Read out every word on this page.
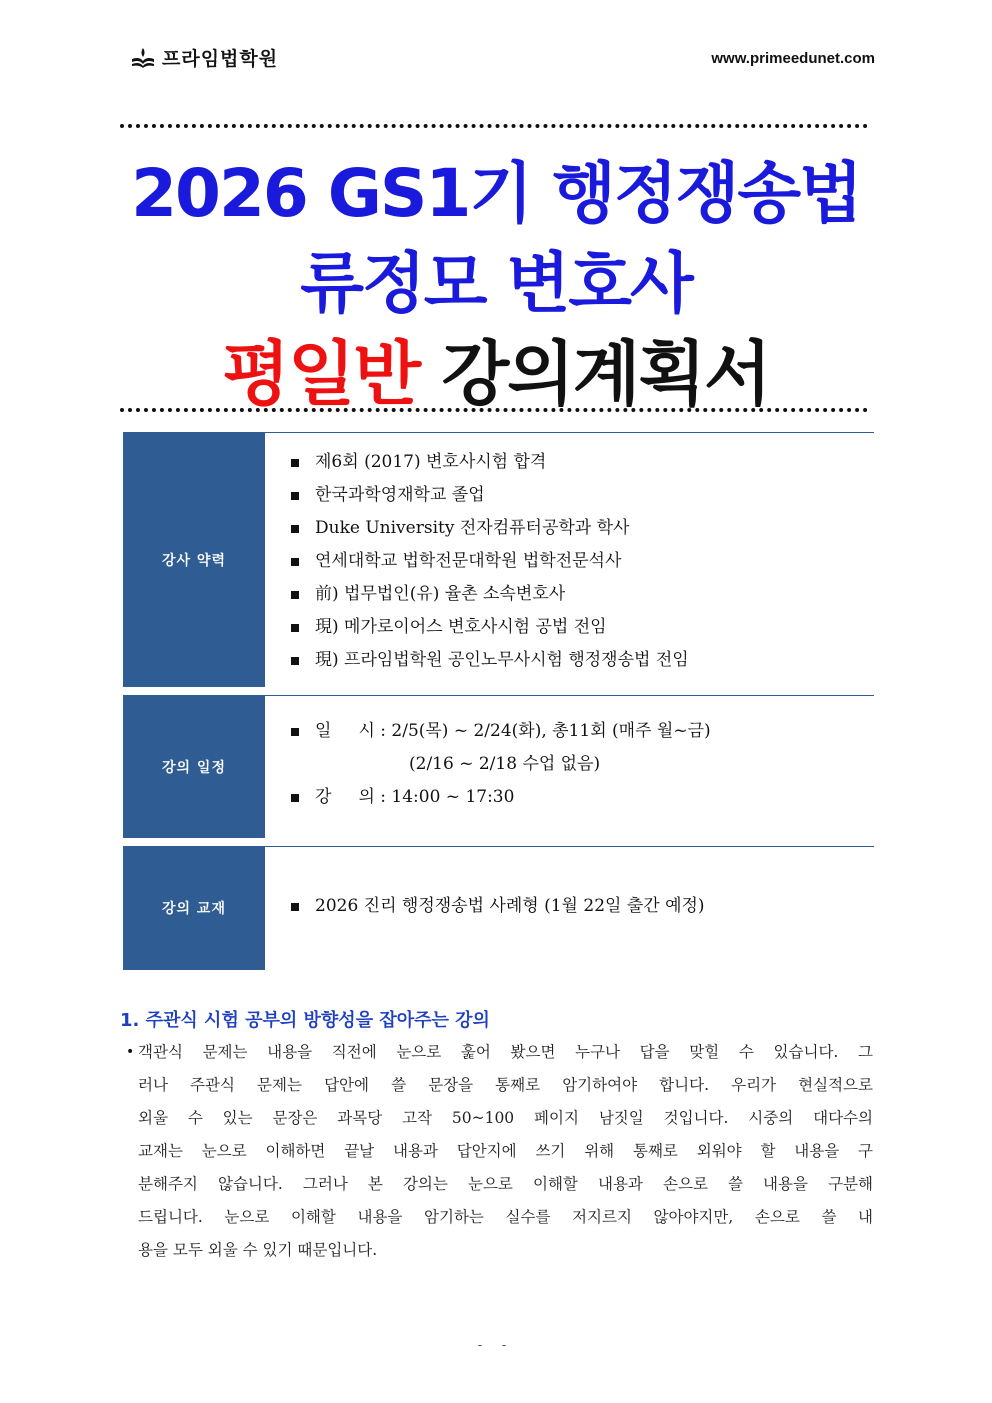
프라임법학원	www.primeedunet.com
2026 GS1기 행정쟁송법
류정모 변호사
평일반 강의계획서
강사 약력
제6회 (2017) 변호사시험 합격
한국과학영재학교 졸업
Duke University 전자컴퓨터공학과 학사
연세대학교 법학전문대학원 법학전문석사
前) 법무법인(유) 율촌 소속변호사
現) 메가로이어스 변호사시험 공법 전임
現) 프라임법학원 공인노무사시험 행정쟁송법 전임
강의 일정
일     시 : 2/5(목) ~ 2/24(화), 총11회 (매주 월~금)
(2/16 ~ 2/18 수업 없음)
강     의 : 14:00 ~ 17:30
강의 교재	2026 진리 행정쟁송법 사례형 (1월 22일 출간 예정)
1. 주관식 시험 공부의 방향성을 잡아주는 강의
• 객관식 문제는 내용을 직전에 눈으로 훑어 봤으면 누구나 답을 맞힐 수 있습니다. 그
러나 주관식 문제는 답안에 쓸 문장을 통째로 암기하여야 합니다. 우리가 현실적으로
외울 수 있는 문장은 과목당 고작 50~100 페이지 남짓일 것입니다. 시중의 대다수의
교재는 눈으로 이해하면 끝날 내용과 답안지에 쓰기 위해 통째로 외워야 할 내용을 구
분해주지 않습니다. 그러나 본 강의는 눈으로 이해할 내용과 손으로 쓸 내용을 구분해
드립니다. 눈으로 이해할 내용을 암기하는 실수를 저지르지 않아야지만, 손으로 쓸 내
용을 모두 외울 수 있기 때문입니다.
- -
